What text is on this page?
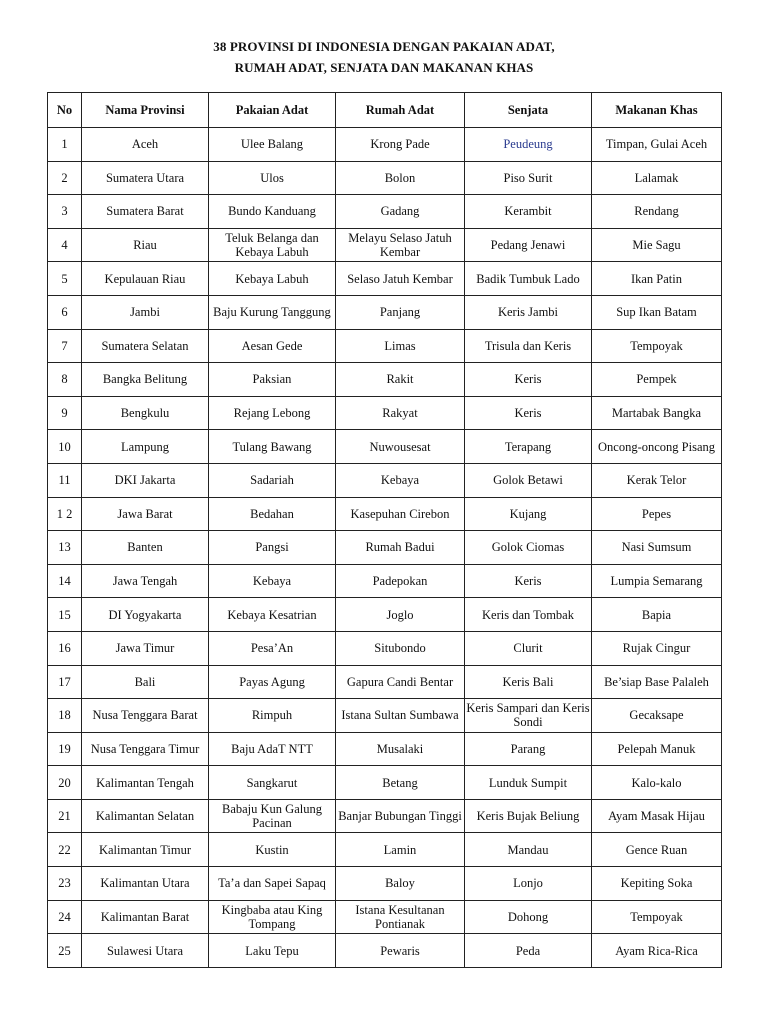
38 PROVINSI DI INDONESIA DENGAN PAKAIAN ADAT,
RUMAH ADAT, SENJATA DAN MAKANAN KHAS
No	Nama Provinsi	Pakaian Adat	Rumah Adat	Senjata	Makanan Khas
1	Aceh	Ulee Balang	Krong Pade	Peudeung	Timpan, Gulai Aceh
2	Sumatera Utara	Ulos	Bolon	Piso Surit	Lalamak
3	Sumatera Barat	Bundo Kanduang	Gadang	Kerambit	Rendang
4	Riau	Teluk Belanga dan Kebaya Labuh	Melayu Selaso Jatuh Kembar	Pedang Jenawi	Mie Sagu
5	Kepulauan Riau	Kebaya Labuh	Selaso Jatuh Kembar	Badik Tumbuk Lado	Ikan Patin
6	Jambi	Baju Kurung Tanggung	Panjang	Keris Jambi	Sup Ikan Batam
7	Sumatera Selatan	Aesan Gede	Limas	Trisula dan Keris	Tempoyak
8	Bangka Belitung	Paksian	Rakit	Keris	Pempek
9	Bengkulu	Rejang Lebong	Rakyat	Keris	Martabak Bangka
10	Lampung	Tulang Bawang	Nuwousesat	Terapang	Oncong-oncong Pisang
11	DKI Jakarta	Sadariah	Kebaya	Golok Betawi	Kerak Telor
1 2	Jawa Barat	Bedahan	Kasepuhan Cirebon	Kujang	Pepes
13	Banten	Pangsi	Rumah Badui	Golok Ciomas	Nasi Sumsum
14	Jawa Tengah	Kebaya	Padepokan	Keris	Lumpia Semarang
15	DI Yogyakarta	Kebaya Kesatrian	Joglo	Keris dan Tombak	Bapia
16	Jawa Timur	Pesa’An	Situbondo	Clurit	Rujak Cingur
17	Bali	Payas Agung	Gapura Candi Bentar	Keris Bali	Be’siap Base Palaleh
18	Nusa Tenggara Barat	Rimpuh	Istana Sultan Sumbawa	Keris Sampari dan Keris Sondi	Gecaksape
19	Nusa Tenggara Timur	Baju AdaT NTT	Musalaki	Parang	Pelepah Manuk
20	Kalimantan Tengah	Sangkarut	Betang	Lunduk Sumpit	Kalo-kalo
21	Kalimantan Selatan	Babaju Kun Galung Pacinan	Banjar Bubungan Tinggi	Keris Bujak Beliung	Ayam Masak Hijau
22	Kalimantan Timur	Kustin	Lamin	Mandau	Gence Ruan
23	Kalimantan Utara	Ta’a dan Sapei Sapaq	Baloy	Lonjo	Kepiting Soka
24	Kalimantan Barat	Kingbaba atau King Tompang	Istana Kesultanan Pontianak	Dohong	Tempoyak
25	Sulawesi Utara	Laku Tepu	Pewaris	Peda	Ayam Rica-Rica
